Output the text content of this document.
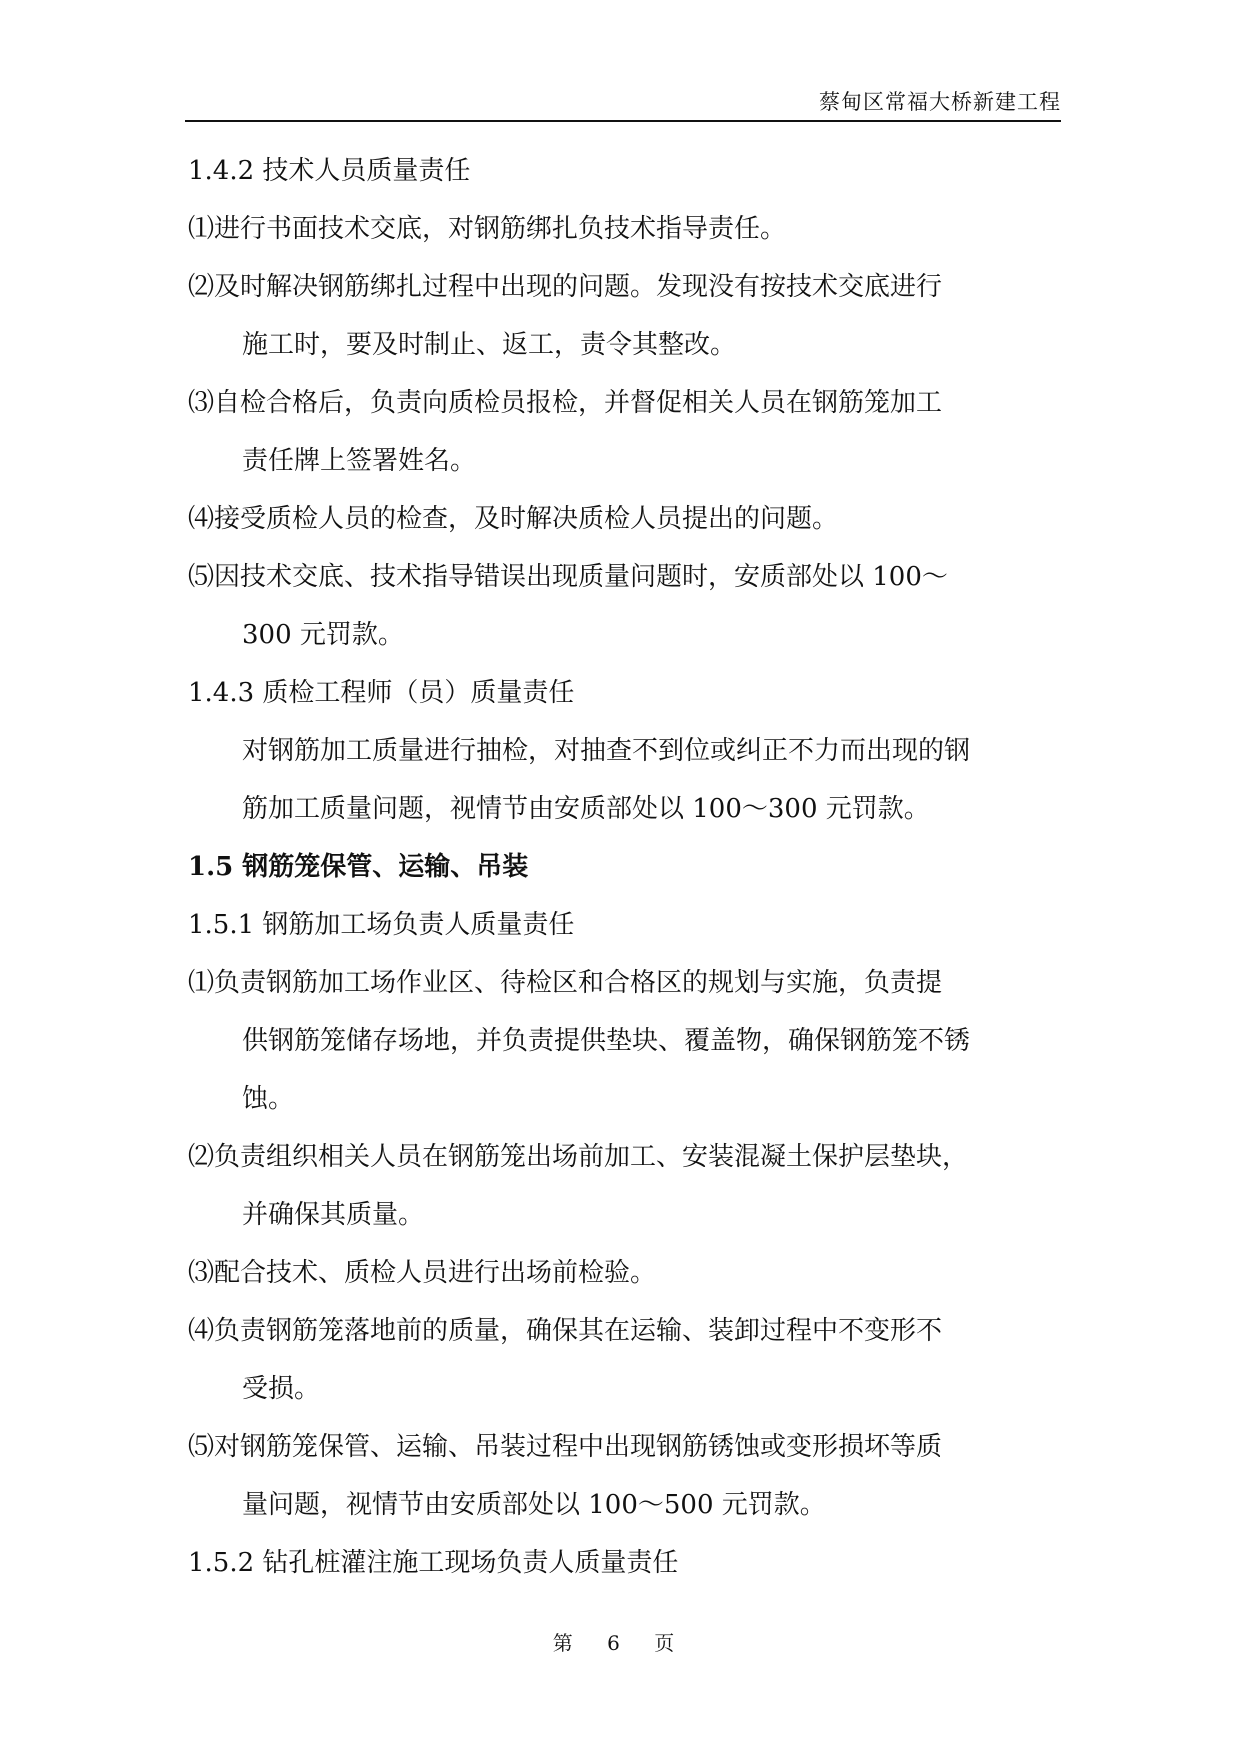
蔡甸区常福大桥新建工程
1.4.2 技术人员质量责任
⑴进行书面技术交底，对钢筋绑扎负技术指导责任。
⑵及时解决钢筋绑扎过程中出现的问题。发现没有按技术交底进行
施工时，要及时制止、返工，责令其整改。
⑶自检合格后，负责向质检员报检，并督促相关人员在钢筋笼加工
责任牌上签署姓名。
⑷接受质检人员的检查，及时解决质检人员提出的问题。
⑸因技术交底、技术指导错误出现质量问题时，安质部处以 100～
300 元罚款。
1.4.3 质检工程师（员）质量责任
对钢筋加工质量进行抽检，对抽查不到位或纠正不力而出现的钢
筋加工质量问题，视情节由安质部处以 100～300 元罚款。
1.5 钢筋笼保管、运输、吊装
1.5.1 钢筋加工场负责人质量责任
⑴负责钢筋加工场作业区、待检区和合格区的规划与实施，负责提
供钢筋笼储存场地，并负责提供垫块、覆盖物，确保钢筋笼不锈
蚀。
⑵负责组织相关人员在钢筋笼出场前加工、安装混凝土保护层垫块，
并确保其质量。
⑶配合技术、质检人员进行出场前检验。
⑷负责钢筋笼落地前的质量，确保其在运输、装卸过程中不变形不
受损。
⑸对钢筋笼保管、运输、吊装过程中出现钢筋锈蚀或变形损坏等质
量问题，视情节由安质部处以 100～500 元罚款。
1.5.2 钻孔桩灌注施工现场负责人质量责任
第 6 页
